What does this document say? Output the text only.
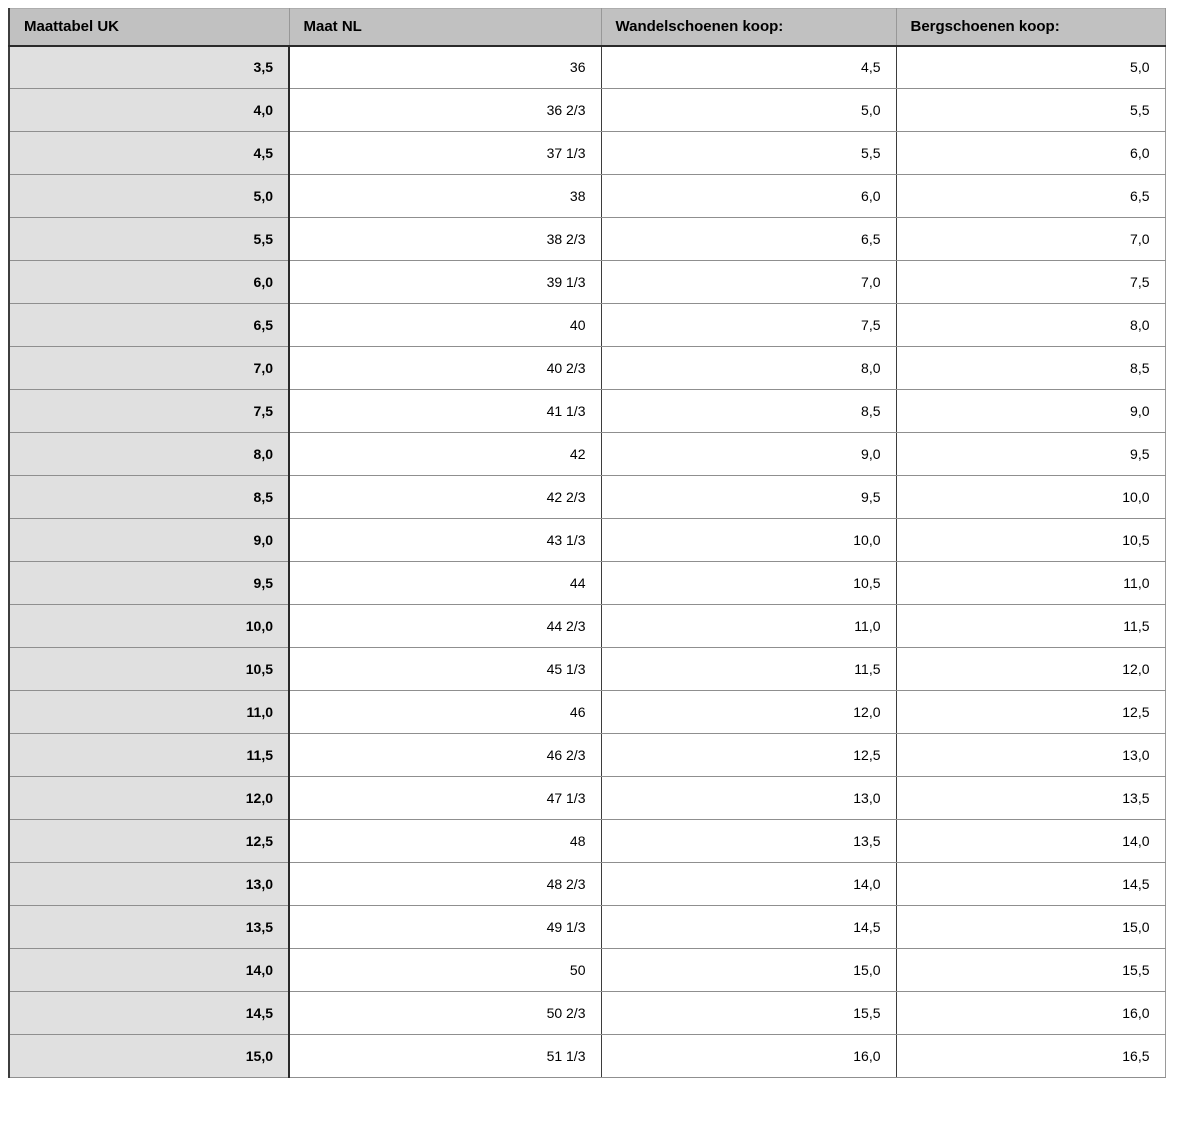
Maattabel UK	Maat NL	Wandelschoenen koop:	Bergschoenen koop:
3,5	36	4,5	5,0
4,0	36 2/3	5,0	5,5
4,5	37 1/3	5,5	6,0
5,0	38	6,0	6,5
5,5	38 2/3	6,5	7,0
6,0	39 1/3	7,0	7,5
6,5	40	7,5	8,0
7,0	40 2/3	8,0	8,5
7,5	41 1/3	8,5	9,0
8,0	42	9,0	9,5
8,5	42 2/3	9,5	10,0
9,0	43 1/3	10,0	10,5
9,5	44	10,5	11,0
10,0	44 2/3	11,0	11,5
10,5	45 1/3	11,5	12,0
11,0	46	12,0	12,5
11,5	46 2/3	12,5	13,0
12,0	47 1/3	13,0	13,5
12,5	48	13,5	14,0
13,0	48 2/3	14,0	14,5
13,5	49 1/3	14,5	15,0
14,0	50	15,0	15,5
14,5	50 2/3	15,5	16,0
15,0	51 1/3	16,0	16,5
